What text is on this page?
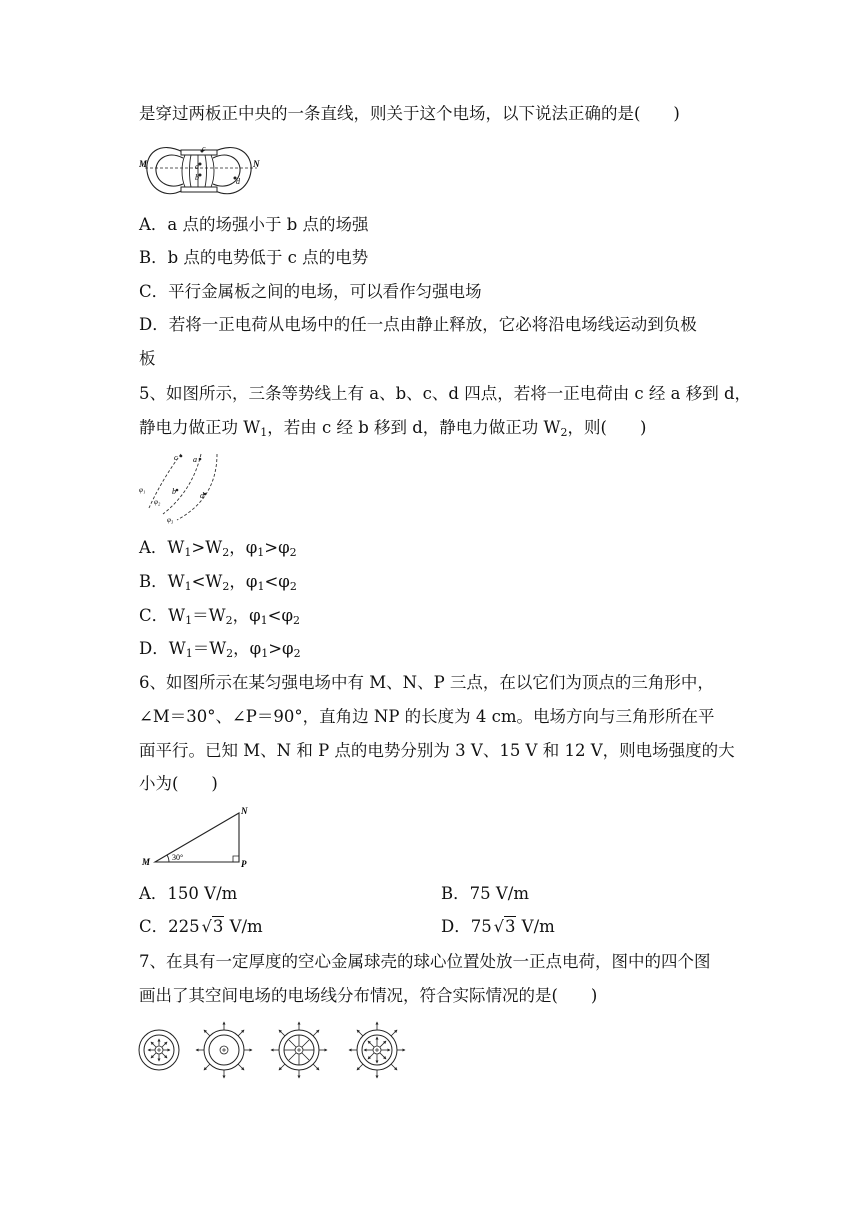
是穿过两板正中央的一条直线，则关于这个电场，以下说法正确的是(　　)
M	N
c
a
b	d
A．a 点的场强小于 b 点的场强
B．b 点的电势低于 c 点的电势
C．平行金属板之间的电场，可以看作匀强电场
D．若将一正电荷从电场中的任一点由静止释放，它必将沿电场线运动到负极
板
5、如图所示，三条等势线上有 a、b、c、d 四点，若将一正电荷由 c 经 a 移到 d，
静电力做正功 $W_1$，若由 c 经 b 移到 d，静电力做正功 $W_2$，则(　　)
c a
b	d
φ₁
φ₂
φ₃
A．$W_1>W_2$，$\varphi_1>\varphi_2$
B．$W_1<W_2$，$\varphi_1<\varphi_2$
C．$W_1=W_2$，$\varphi_1<\varphi_2$
D．$W_1=W_2$，$\varphi_1>\varphi_2$
6、如图所示在某匀强电场中有 M、N、P 三点，在以它们为顶点的三角形中，
∠M＝30°、∠P＝90°，直角边 NP 的长度为 4 cm。电场方向与三角形所在平
面平行。已知 M、N 和 P 点的电势分别为 3 V、15 V 和 12 V，则电场强度的大
小为(　　)
M
N
P
30°
A．150 V/m	B．75 V/m
C．225 √3 V/m	D．75 √3 V/m
7、在具有一定厚度的空心金属球壳的球心位置处放一正点电荷，图中的四个图
画出了其空间电场的电场线分布情况，符合实际情况的是(　　)
